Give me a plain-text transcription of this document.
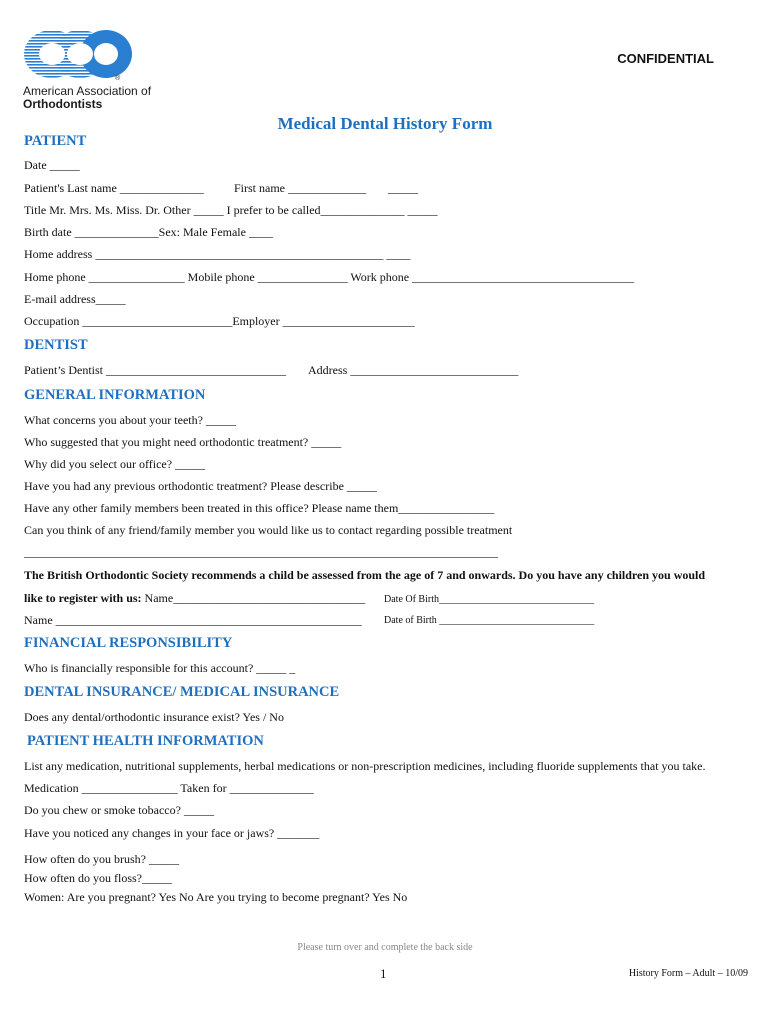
®
American Association of
Orthodontists
CONFIDENTIAL
Medical Dental History Form
PATIENT
Date _____
Patient's Last name ______________	First name _____________ _____
Title Mr. Mrs. Ms. Miss. Dr. Other _____ I prefer to be called______________ _____
Birth date ______________Sex: Male Female ____
Home address ________________________________________________ ____
Home phone ________________ Mobile phone _______________ Work phone _____________________________________
E-mail address_____
Occupation _________________________Employer ______________________
DENTIST
Patient’s Dentist ______________________________ Address ____________________________
GENERAL INFORMATION
What concerns you about your teeth? _____
Who suggested that you might need orthodontic treatment? _____
Why did you select our office? _____
Have you had any previous orthodontic treatment? Please describe _____
Have any other family members been treated in this office? Please name them________________
Can you think of any friend/family member you would like us to contact regarding possible treatment
_______________________________________________________________________________
The British Orthodontic Society recommends a child be assessed from the age of 7 and onwards. Do you have any children you would
like to register with us: Name________________________________ Date Of Birth_______________________________
Name ___________________________________________________ Date of Birth _______________________________
FINANCIAL RESPONSIBILITY
Who is financially responsible for this account? _____ _
DENTAL INSURANCE/ MEDICAL INSURANCE
Does any dental/orthodontic insurance exist? Yes / No
PATIENT HEALTH INFORMATION
List any medication, nutritional supplements, herbal medications or non-prescription medicines, including fluoride supplements that you take.
Medication ________________ Taken for ______________
Do you chew or smoke tobacco? _____
Have you noticed any changes in your face or jaws? _______
How often do you brush? _____
How often do you floss?_____
Women: Are you pregnant? Yes No Are you trying to become pregnant? Yes No
Please turn over and complete the back side
1	History Form – Adult – 10/09
